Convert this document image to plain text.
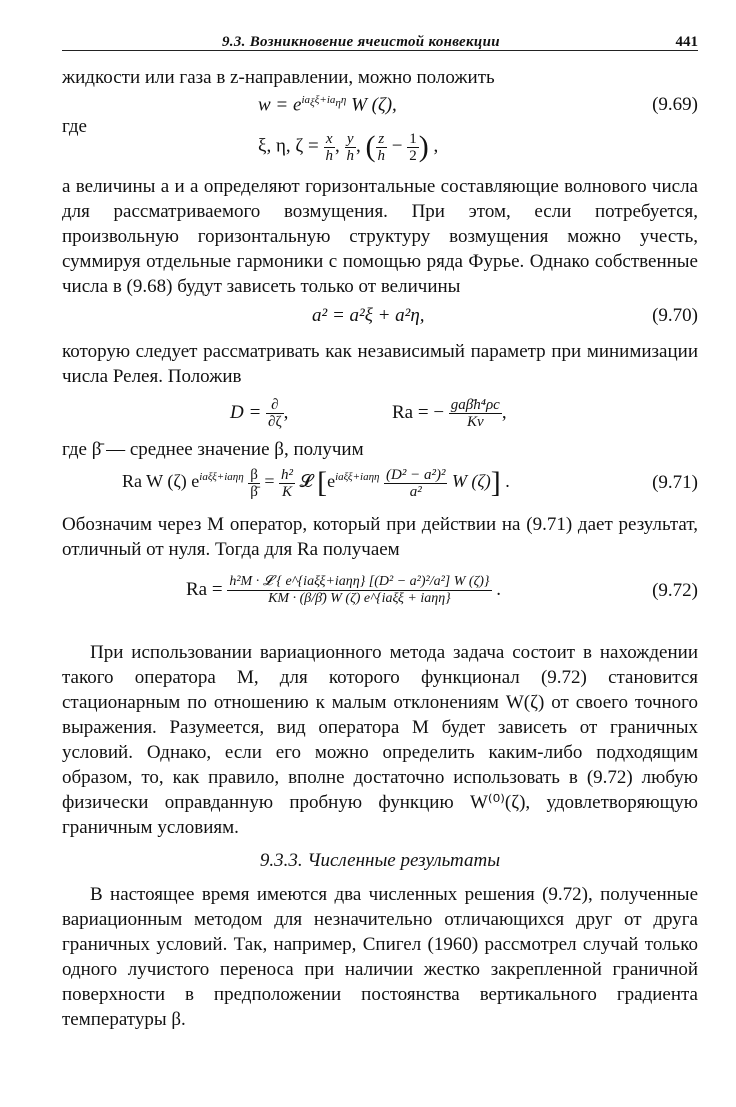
9.3. Возникновение ячеистой конвекции	441

жидкости или газа в z-направлении, можно положить

$w = e^{ia_\xi\xi+ia_\eta\eta}$ W (ζ),	(9.69)
где
ξ, η, $\zeta = \frac{x}{h}$ , $\frac{y}{h}$ , ( $\frac{z}{h} - \frac{1}{2}$ ) ,

а величины a и a определяют горизонтальные составляющие волнового числа для рассматриваемого возмущения. При этом, если потребуется, произвольную горизонтальную структуру возмущения можно учесть, суммируя отдельные гармоники с помощью ряда Фурье. Однако собственные числа в (9.68) будут зависеть только от величины

a² = a²ξ + a²η,	(9.70)

которую следует рассматривать как независимый параметр при минимизации числа Релея. Положив

$D = \frac{\partial}{\partial\zeta}$ ,	Ra = − $\frac{\text{gaβ̄h⁴ρc}}{K\nu}$ ,

где β̄ — среднее значение β, получим

Ra W (ζ) $e^{ia\xi\xi+ia\eta\eta} \frac{\beta}{\betā} = \frac{\text{h²}}{K}$ 𝓛 [$e^{ia\xi\xi+ia\eta\eta} \frac{\text{(D² − a²)²}}{\text{a²}}$ W (ζ)] .	(9.71)

Обозначим через M оператор, который при действии на (9.71) дает результат, отличный от нуля. Тогда для Ra получаем

$Ra = \frac{\text{h²M · 𝓛 \{ e\textasciicircum{}\{iaξξ+iaηη\} [(D² − a²)²/a²] W (ζ)\}}}{\text{KM · (β/β̄) W (ζ) e\textasciicircum{}\{iaξξ + iaηη\}}}$ .	(9.72)

При использовании вариационного метода задача состоит в нахождении такого оператора M, для которого функционал (9.72) становится стационарным по отношению к малым отклонениям W(ζ) от своего точного выражения. Разумеется, вид оператора M будет зависеть от граничных условий. Однако, если его можно определить каким-либо подходящим образом, то, как правило, вполне достаточно использовать в (9.72) любую физически оправданную пробную функцию W⁽⁰⁾(ζ), удовлетворяющую граничным условиям.

9.3.3. Численные результаты

В настоящее время имеются два численных решения (9.72), полученные вариационным методом для незначительно отличающихся друг от друга граничных условий. Так, например, Спигел (1960) рассмотрел случай только одного лучистого переноса при наличии жестко закрепленной граничной поверхности в предположении постоянства вертикального градиента температуры β.
